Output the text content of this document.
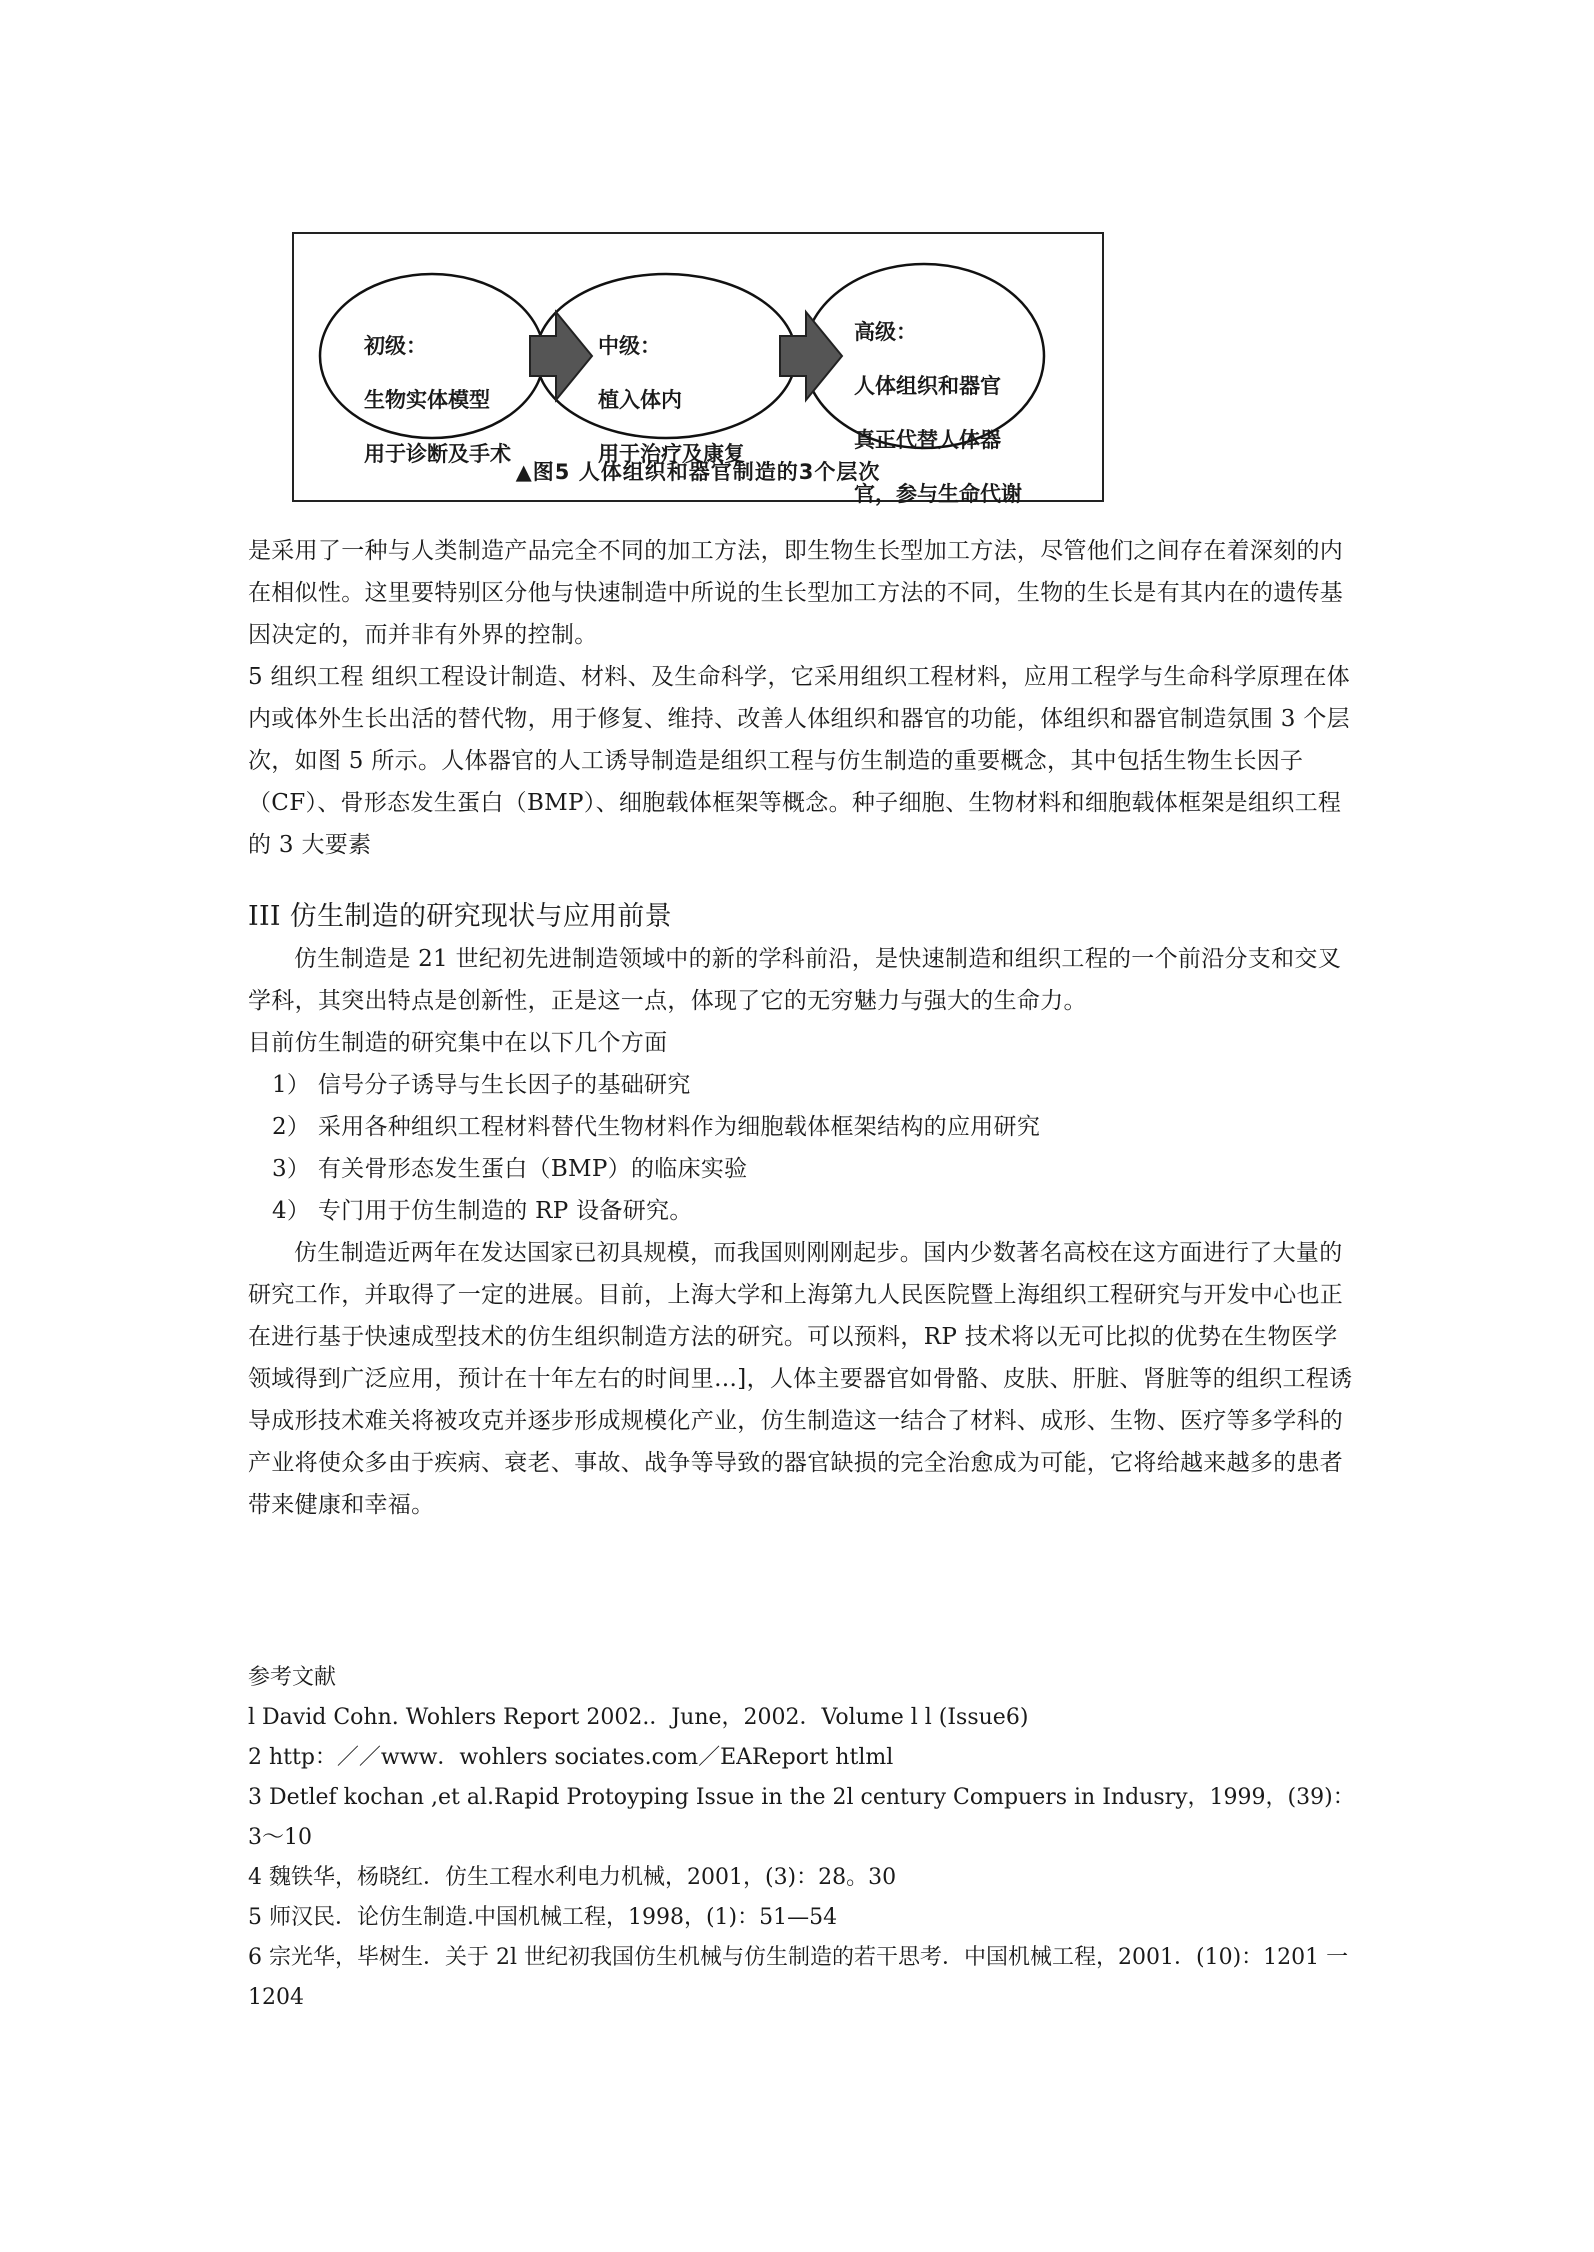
初级：

生物实体模型

用于诊断及手术

中级：

植入体内

用于治疗及康复

高级：

人体组织和器官

真正代替人体器

官，参与生命代谢

▲图5 人体组织和器官制造的3个层次

是采用了一种与人类制造产品完全不同的加工方法，即生物生长型加工方法，尽管他们之间存在着深刻的内在相似性。这里要特别区分他与快速制造中所说的生长型加工方法的不同，生物的生长是有其内在的遗传基因决定的，而并非有外界的控制。

5 组织工程 组织工程设计制造、材料、及生命科学，它采用组织工程材料，应用工程学与生命科学原理在体内或体外生长出活的替代物，用于修复、维持、改善人体组织和器官的功能，体组织和器官制造氛围 3 个层次，如图 5 所示。人体器官的人工诱导制造是组织工程与仿生制造的重要概念，其中包括生物生长因子（CF）、骨形态发生蛋白（BMP）、细胞载体框架等概念。种子细胞、生物材料和细胞载体框架是组织工程的 3 大要素

III 仿生制造的研究现状与应用前景

仿生制造是 21 世纪初先进制造领域中的新的学科前沿，是快速制造和组织工程的一个前沿分支和交叉学科，其突出特点是创新性，正是这一点，体现了它的无穷魅力与强大的生命力。

目前仿生制造的研究集中在以下几个方面

1） 信号分子诱导与生长因子的基础研究

2） 采用各种组织工程材料替代生物材料作为细胞载体框架结构的应用研究

3） 有关骨形态发生蛋白（BMP）的临床实验

4） 专门用于仿生制造的 RP 设备研究。

仿生制造近两年在发达国家已初具规模，而我国则刚刚起步。国内少数著名高校在这方面进行了大量的研究工作，并取得了一定的进展。目前，上海大学和上海第九人民医院暨上海组织工程研究与开发中心也正在进行基于快速成型技术的仿生组织制造方法的研究。可以预料，RP 技术将以无可比拟的优势在生物医学领域得到广泛应用，预计在十年左右的时间里…]，人体主要器官如骨骼、皮肤、肝脏、肾脏等的组织工程诱导成形技术难关将被攻克并逐步形成规模化产业，仿生制造这一结合了材料、成形、生物、医疗等多学科的产业将使众多由于疾病、衰老、事故、战争等导致的器官缺损的完全治愈成为可能，它将给越来越多的患者带来健康和幸福。

参考文献

l David Cohn. Wohlers Report 2002.．June，2002．Volume l l (Issue6)

2 http：／／www．wohlers sociates.com／EAReport htlml

3 Detlef kochan ,et al.Rapid Protoyping Issue in the 2l century Compuers in Indusry，1999，(39)：3～10

4 魏铁华，杨晓红．仿生工程水利电力机械，2001，(3)：28。30

5 师汉民．论仿生制造.中国机械工程，1998，(1)：51—54

6 宗光华，毕树生．关于 2l 世纪初我国仿生机械与仿生制造的若干思考．中国机械工程，2001．(10)：1201 一 1204
